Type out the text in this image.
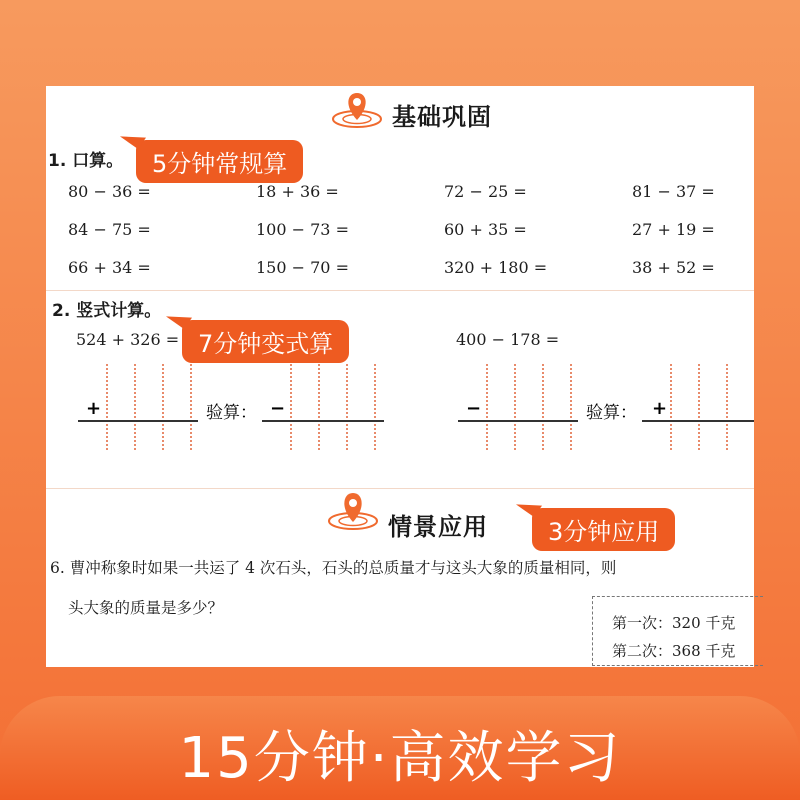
基础巩固
1. 口算。	5分钟常规算
80 − 36 =	18 + 36 =	72 − 25 =	81 − 37 =
84 − 75 =	100 − 73 =	60 + 35 =	27 + 19 =
66 + 34 =	150 − 70 =	320 + 180 =	38 + 52 =
2. 竖式计算。
524 + 326 = 7分钟变式算	400 − 178 =
+	验算： −	−	验算： +
情景应用	3分钟应用
6. 曹冲称象时如果一共运了 4 次石头，石头的总质量才与这头大象的质量相同，则
头大象的质量是多少？
第一次：320 千克
第二次：368 千克
15分钟·高效学习
